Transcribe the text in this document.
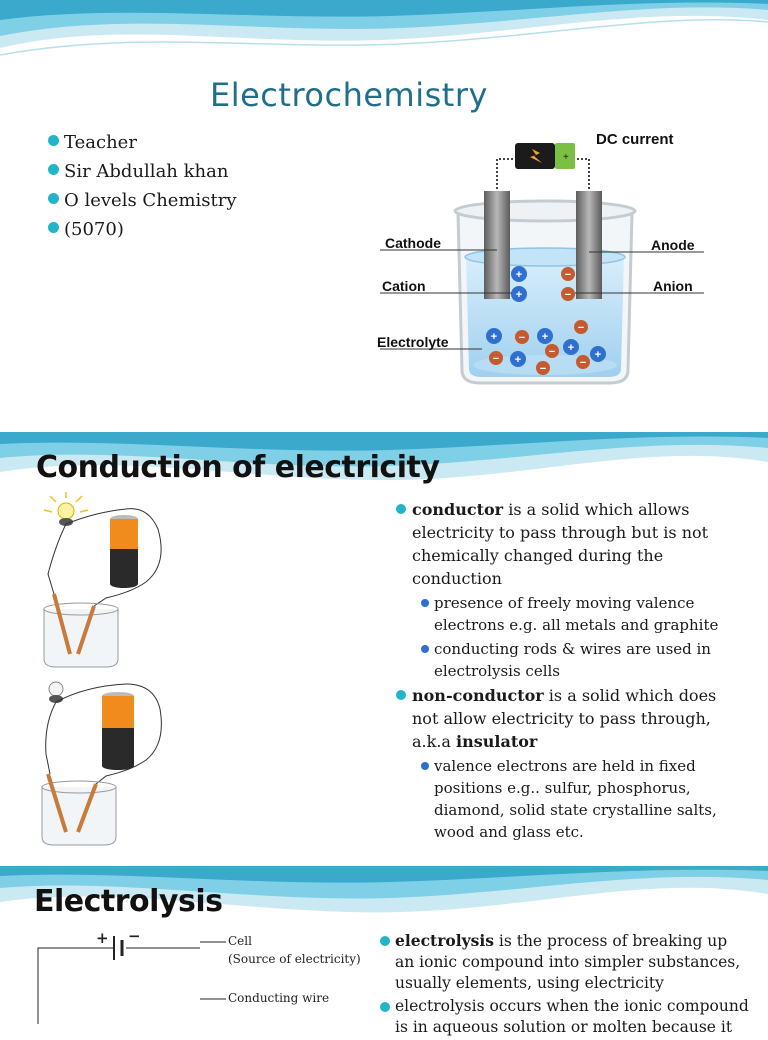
Electrochemistry
Teacher
Sir Abdullah khan
O levels Chemistry
(5070)
+
+
+
−
−
+ − +
−
− +
−
−
+
−
+
DC current
Cathode	Anode
Cation	Anion
Electrolyte
Conduction of electricity
conductor is a solid which allows electricity to pass through but is not chemically changed during the conduction
presence of freely moving valence electrons e.g. all metals and graphite
conducting rods & wires are used in electrolysis cells
non-conductor is a solid which does not allow electricity to pass through, a.k.a insulator
valence electrons are held in fixed positions e.g.. sulfur, phosphorus, diamond, solid state crystalline salts, wood and glass etc.
Electrolysis
+ −	Cell
(Source of electricity)
Conducting wire
electrolysis is the process of breaking up an ionic compound into simpler substances, usually elements, using electricity
electrolysis occurs when the ionic compound is in aqueous solution or molten because it
